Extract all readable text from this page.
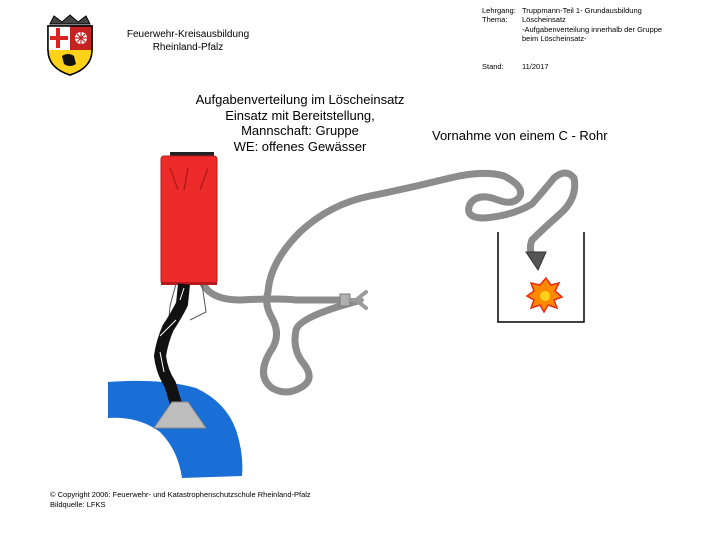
Feuerwehr-Kreisausbildung
Rheinland-Pfalz
Lehrgang: Truppmann-Teil 1- Grundausbildung
Thema:	Löscheinsatz
-Aufgabenverteilung innerhalb der Gruppe
beim Löscheinsatz-
Stand:	11/2017
Aufgabenverteilung im Löscheinsatz
Einsatz mit Bereitstellung,
Mannschaft: Gruppe
WE: offenes Gewässer
Vornahme von einem C - Rohr
© Copyright 2006: Feuerwehr- und Katastrophenschutzschule Rheinland-Pfalz
Bildquelle: LFKS
